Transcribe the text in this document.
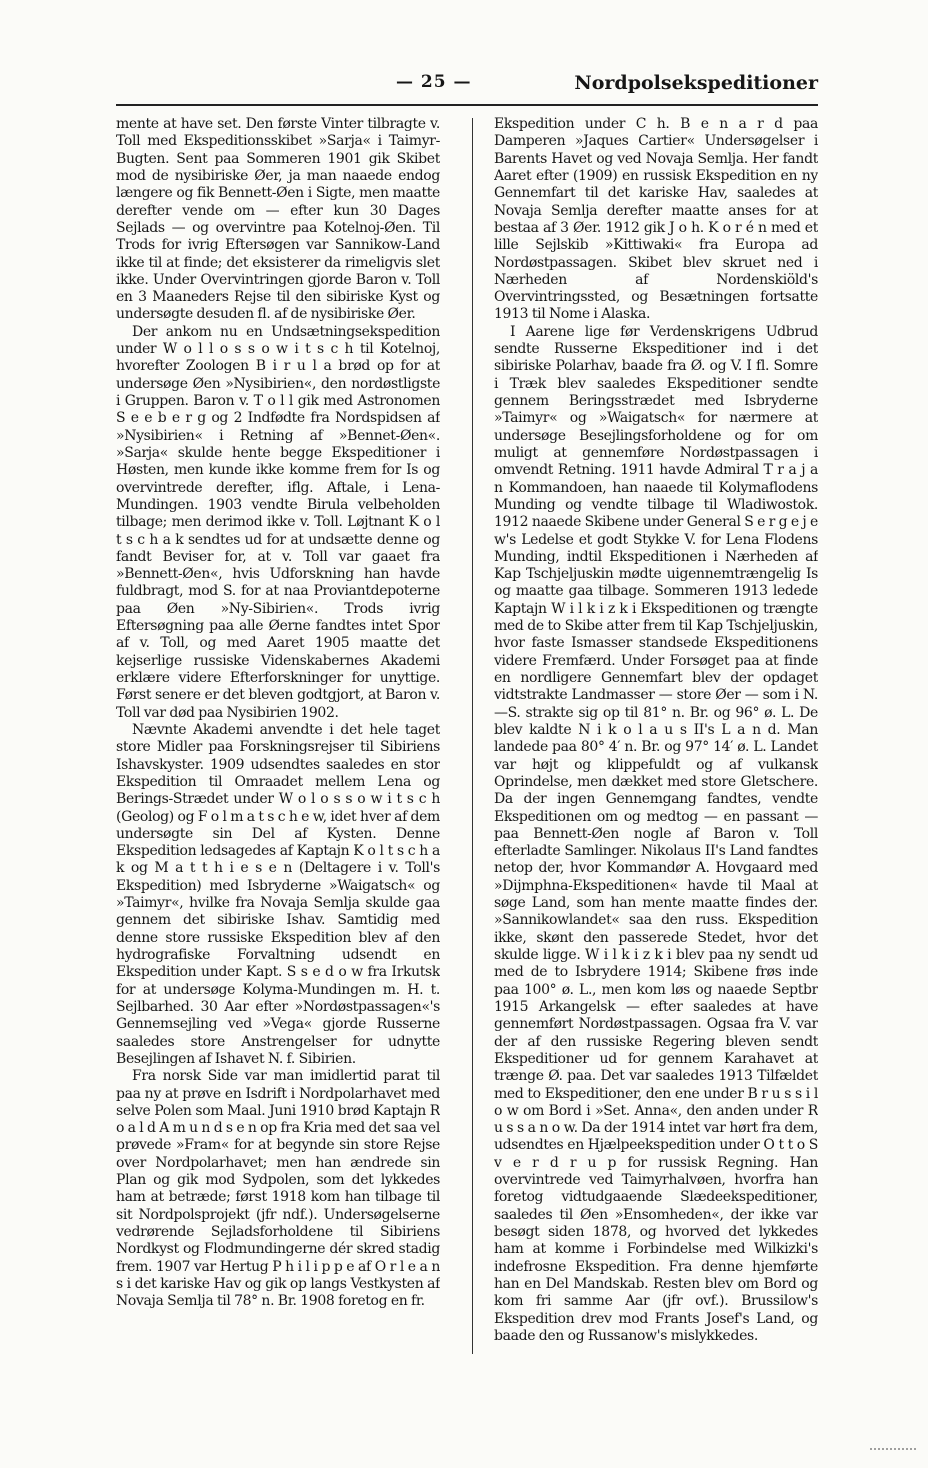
— 25 —	Nordpolsekspeditioner

mente at have set. Den første Vinter tilbragte v. Toll med Ekspeditionsskibet »Sarja« i Taimyr-Bugten. Sent paa Sommeren 1901 gik Skibet mod de nysibiriske Øer, ja man naaede endog længere og fik Bennett-Øen i Sigte, men maatte derefter vende om — efter kun 30 Dages Sejlads — og overvintre paa Kotelnoj-Øen. Til Trods for ivrig Eftersøgen var Sannikow-Land ikke til at finde; det eksisterer da rimeligvis slet ikke. Under Overvintringen gjorde Baron v. Toll en 3 Maaneders Rejse til den sibiriske Kyst og undersøgte desuden fl. af de nysibiriske Øer.

Der ankom nu en Undsætningsekspedition under W o l l o s s o w i t s c h til Kotelnoj, hvorefter Zoologen B i r u l a brød op for at undersøge Øen »Nysibirien«, den nordøstligste i Gruppen. Baron v. T o l l gik med Astronomen S e e b e r g og 2 Indfødte fra Nordspidsen af »Nysibirien« i Retning af »Bennet-Øen«. »Sarja« skulde hente begge Ekspeditioner i Høsten, men kunde ikke komme frem for Is og overvintrede derefter, iflg. Aftale, i Lena-Mundingen. 1903 vendte Birula velbeholden tilbage; men derimod ikke v. Toll. Løjtnant K o l t s c h a k sendtes ud for at undsætte denne og fandt Beviser for, at v. Toll var gaaet fra »Bennett-Øen«, hvis Udforskning han havde fuldbragt, mod S. for at naa Proviantdepoterne paa Øen »Ny-Sibirien«. Trods ivrig Eftersøgning paa alle Øerne fandtes intet Spor af v. Toll, og med Aaret 1905 maatte det kejserlige russiske Videnskabernes Akademi erklære videre Efterforskninger for unyttige. Først senere er det bleven godtgjort, at Baron v. Toll var død paa Nysibirien 1902.

Nævnte Akademi anvendte i det hele taget store Midler paa Forskningsrejser til Sibiriens Ishavskyster. 1909 udsendtes saaledes en stor Ekspedition til Omraadet mellem Lena og Berings-Strædet under W o l o s s o w i t s c h (Geolog) og F o l m a t s c h e w, idet hver af dem undersøgte sin Del af Kysten. Denne Ekspedition ledsagedes af Kaptajn K o l t s c h a k og M a t t h i e s e n (Deltagere i v. Toll's Ekspedition) med Isbryderne »Waigatsch« og »Taimyr«, hvilke fra Novaja Semlja skulde gaa gennem det sibiriske Ishav. Samtidig med denne store russiske Ekspedition blev af den hydrografiske Forvaltning udsendt en Ekspedition under Kapt. S s e d o w fra Irkutsk for at undersøge Kolyma-Mundingen m. H. t. Sejlbarhed. 30 Aar efter »Nordøstpassagen«'s Gennemsejling ved »Vega« gjorde Russerne saaledes store Anstrengelser for udnytte Besejlingen af Ishavet N. f. Sibirien.

Fra norsk Side var man imidlertid parat til paa ny at prøve en Isdrift i Nordpolarhavet med selve Polen som Maal. Juni 1910 brød Kaptajn R o a l d A m u n d s e n op fra Kria med det saa vel prøvede »Fram« for at begynde sin store Rejse over Nordpolarhavet; men han ændrede sin Plan og gik mod Sydpolen, som det lykkedes ham at betræde; først 1918 kom han tilbage til sit Nordpolsprojekt (jfr ndf.). Undersøgelserne vedrørende Sejladsforholdene til Sibiriens Nordkyst og Flodmundingerne dér skred stadig frem. 1907 var Hertug P h i l i p p e af O r l e a n s i det kariske Hav og gik op langs Vestkysten af Novaja Semlja til 78° n. Br. 1908 foretog en fr.

Ekspedition under C h. B e n a r d paa Damperen »Jaques Cartier« Undersøgelser i Barents Havet og ved Novaja Semlja. Her fandt Aaret efter (1909) en russisk Ekspedition en ny Gennemfart til det kariske Hav, saaledes at Novaja Semlja derefter maatte anses for at bestaa af 3 Øer. 1912 gik J o h. K o r é n med et lille Sejlskib »Kittiwaki« fra Europa ad Nordøstpassagen. Skibet blev skruet ned i Nærheden af Nordenskiöld's Overvintringssted, og Besætningen fortsatte 1913 til Nome i Alaska.

I Aarene lige før Verdenskrigens Udbrud sendte Russerne Ekspeditioner ind i det sibiriske Polarhav, baade fra Ø. og V. I fl. Somre i Træk blev saaledes Ekspeditioner sendte gennem Beringsstrædet med Isbryderne »Taimyr« og »Waigatsch« for nærmere at undersøge Besejlingsforholdene og for om muligt at gennemføre Nordøstpassagen i omvendt Retning. 1911 havde Admiral T r a j a n Kommandoen, han naaede til Kolymaflodens Munding og vendte tilbage til Wladiwostok. 1912 naaede Skibene under General S e r g e j e w's Ledelse et godt Stykke V. for Lena Flodens Munding, indtil Ekspeditionen i Nærheden af Kap Tschjeljuskin mødte uigennemtrængelig Is og maatte gaa tilbage. Sommeren 1913 ledede Kaptajn W i l k i z k i Ekspeditionen og trængte med de to Skibe atter frem til Kap Tschjeljuskin, hvor faste Ismasser standsede Ekspeditionens videre Fremfærd. Under Forsøget paa at finde en nordligere Gennemfart blev der opdaget vidtstrakte Landmasser — store Øer — som i N.—S. strakte sig op til 81° n. Br. og 96° ø. L. De blev kaldte N i k o l a u s II's L a n d. Man landede paa 80° 4′ n. Br. og 97° 14′ ø. L. Landet var højt og klippefuldt og af vulkansk Oprindelse, men dækket med store Gletschere. Da der ingen Gennemgang fandtes, vendte Ekspeditionen om og medtog — en passant — paa Bennett-Øen nogle af Baron v. Toll efterladte Samlinger. Nikolaus II's Land fandtes netop der, hvor Kommandør A. Hovgaard med »Dijmphna-Ekspeditionen« havde til Maal at søge Land, som han mente maatte findes der. »Sannikowlandet« saa den russ. Ekspedition ikke, skønt den passerede Stedet, hvor det skulde ligge. W i l k i z k i blev paa ny sendt ud med de to Isbrydere 1914; Skibene frøs inde paa 100° ø. L., men kom løs og naaede Septbr 1915 Arkangelsk — efter saaledes at have gennemført Nordøstpassagen. Ogsaa fra V. var der af den russiske Regering bleven sendt Ekspeditioner ud for gennem Karahavet at trænge Ø. paa. Det var saaledes 1913 Tilfældet med to Ekspeditioner, den ene under B r u s s i l o w om Bord i »Set. Anna«, den anden under R u s s a n o w. Da der 1914 intet var hørt fra dem, udsendtes en Hjælpeekspedition under O t t o S v e r d r u p for russisk Regning. Han overvintrede ved Taimyrhalvøen, hvorfra han foretog vidtudgaaende Slædeekspeditioner, saaledes til Øen »Ensomheden«, der ikke var besøgt siden 1878, og hvorved det lykkedes ham at komme i Forbindelse med Wilkizki's indefrosne Ekspedition. Fra denne hjemførte han en Del Mandskab. Resten blev om Bord og kom fri samme Aar (jfr ovf.). Brussilow's Ekspedition drev mod Frants Josef's Land, og baade den og Russanow's mislykkedes.
